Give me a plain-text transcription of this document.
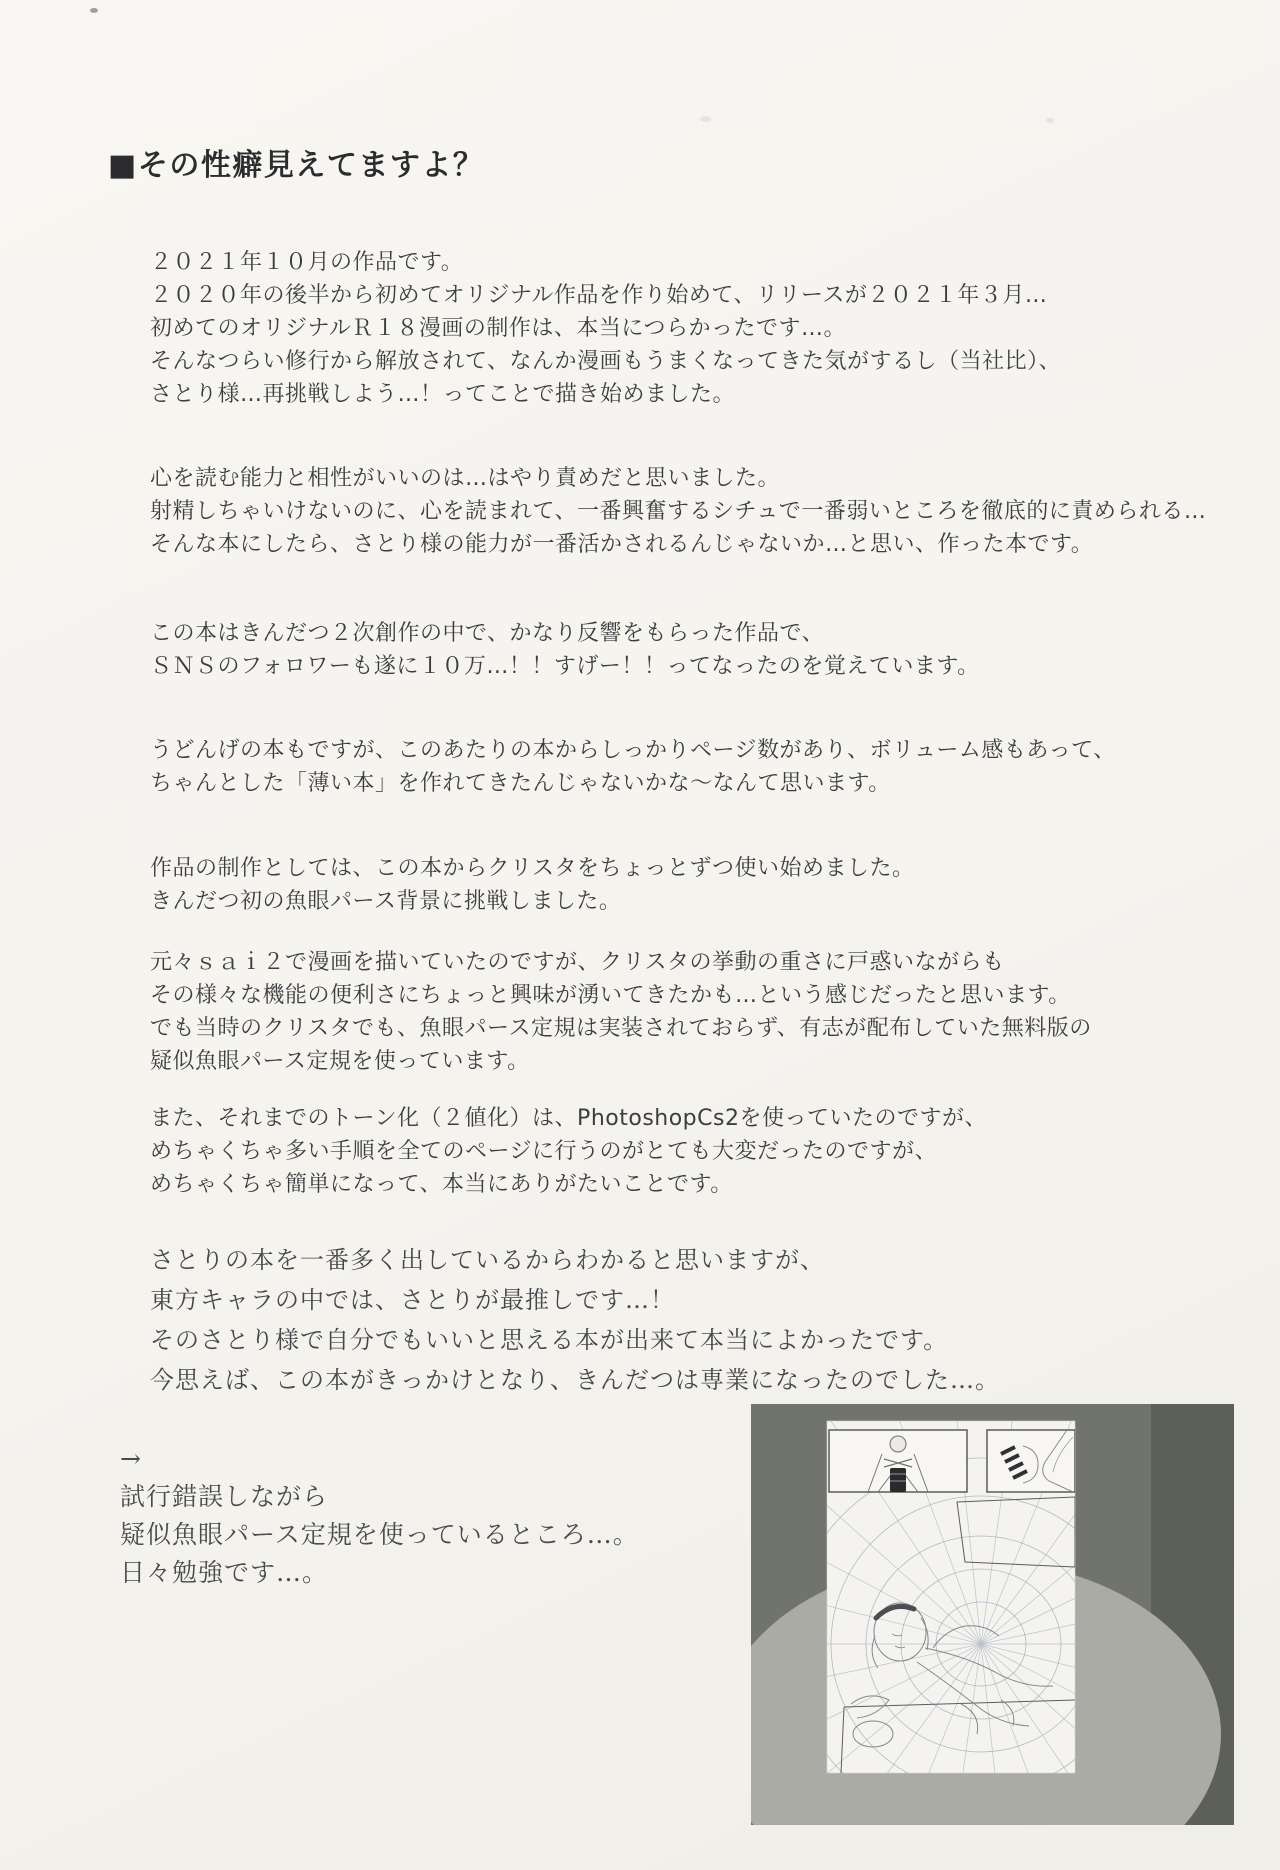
■その性癖見えてますよ？
２０２１年１０月の作品です。
２０２０年の後半から初めてオリジナル作品を作り始めて、リリースが２０２１年３月…
初めてのオリジナルＲ１８漫画の制作は、本当につらかったです…。
そんなつらい修行から解放されて、なんか漫画もうまくなってきた気がするし（当社比）、
さとり様…再挑戦しよう…！ってことで描き始めました。
心を読む能力と相性がいいのは…はやり責めだと思いました。
射精しちゃいけないのに、心を読まれて、一番興奮するシチュで一番弱いところを徹底的に責められる…
そんな本にしたら、さとり様の能力が一番活かされるんじゃないか…と思い、作った本です。
この本はきんだつ２次創作の中で、かなり反響をもらった作品で、
ＳＮＳのフォロワーも遂に１０万…！！すげー！！ってなったのを覚えています。
うどんげの本もですが、このあたりの本からしっかりページ数があり、ボリューム感もあって、
ちゃんとした「薄い本」を作れてきたんじゃないかな～なんて思います。
作品の制作としては、この本からクリスタをちょっとずつ使い始めました。
きんだつ初の魚眼パース背景に挑戦しました。
元々ｓａｉ２で漫画を描いていたのですが、クリスタの挙動の重さに戸惑いながらも
その様々な機能の便利さにちょっと興味が湧いてきたかも…という感じだったと思います。
でも当時のクリスタでも、魚眼パース定規は実装されておらず、有志が配布していた無料版の
疑似魚眼パース定規を使っています。
また、それまでのトーン化（２値化）は、PhotoshopCs2を使っていたのですが、
めちゃくちゃ多い手順を全てのページに行うのがとても大変だったのですが、
めちゃくちゃ簡単になって、本当にありがたいことです。
さとりの本を一番多く出しているからわかると思いますが、
東方キャラの中では、さとりが最推しです…！
そのさとり様で自分でもいいと思える本が出来て本当によかったです。
今思えば、この本がきっかけとなり、きんだつは専業になったのでした…。
→
試行錯誤しながら
疑似魚眼パース定規を使っているところ…。
日々勉強です…。
